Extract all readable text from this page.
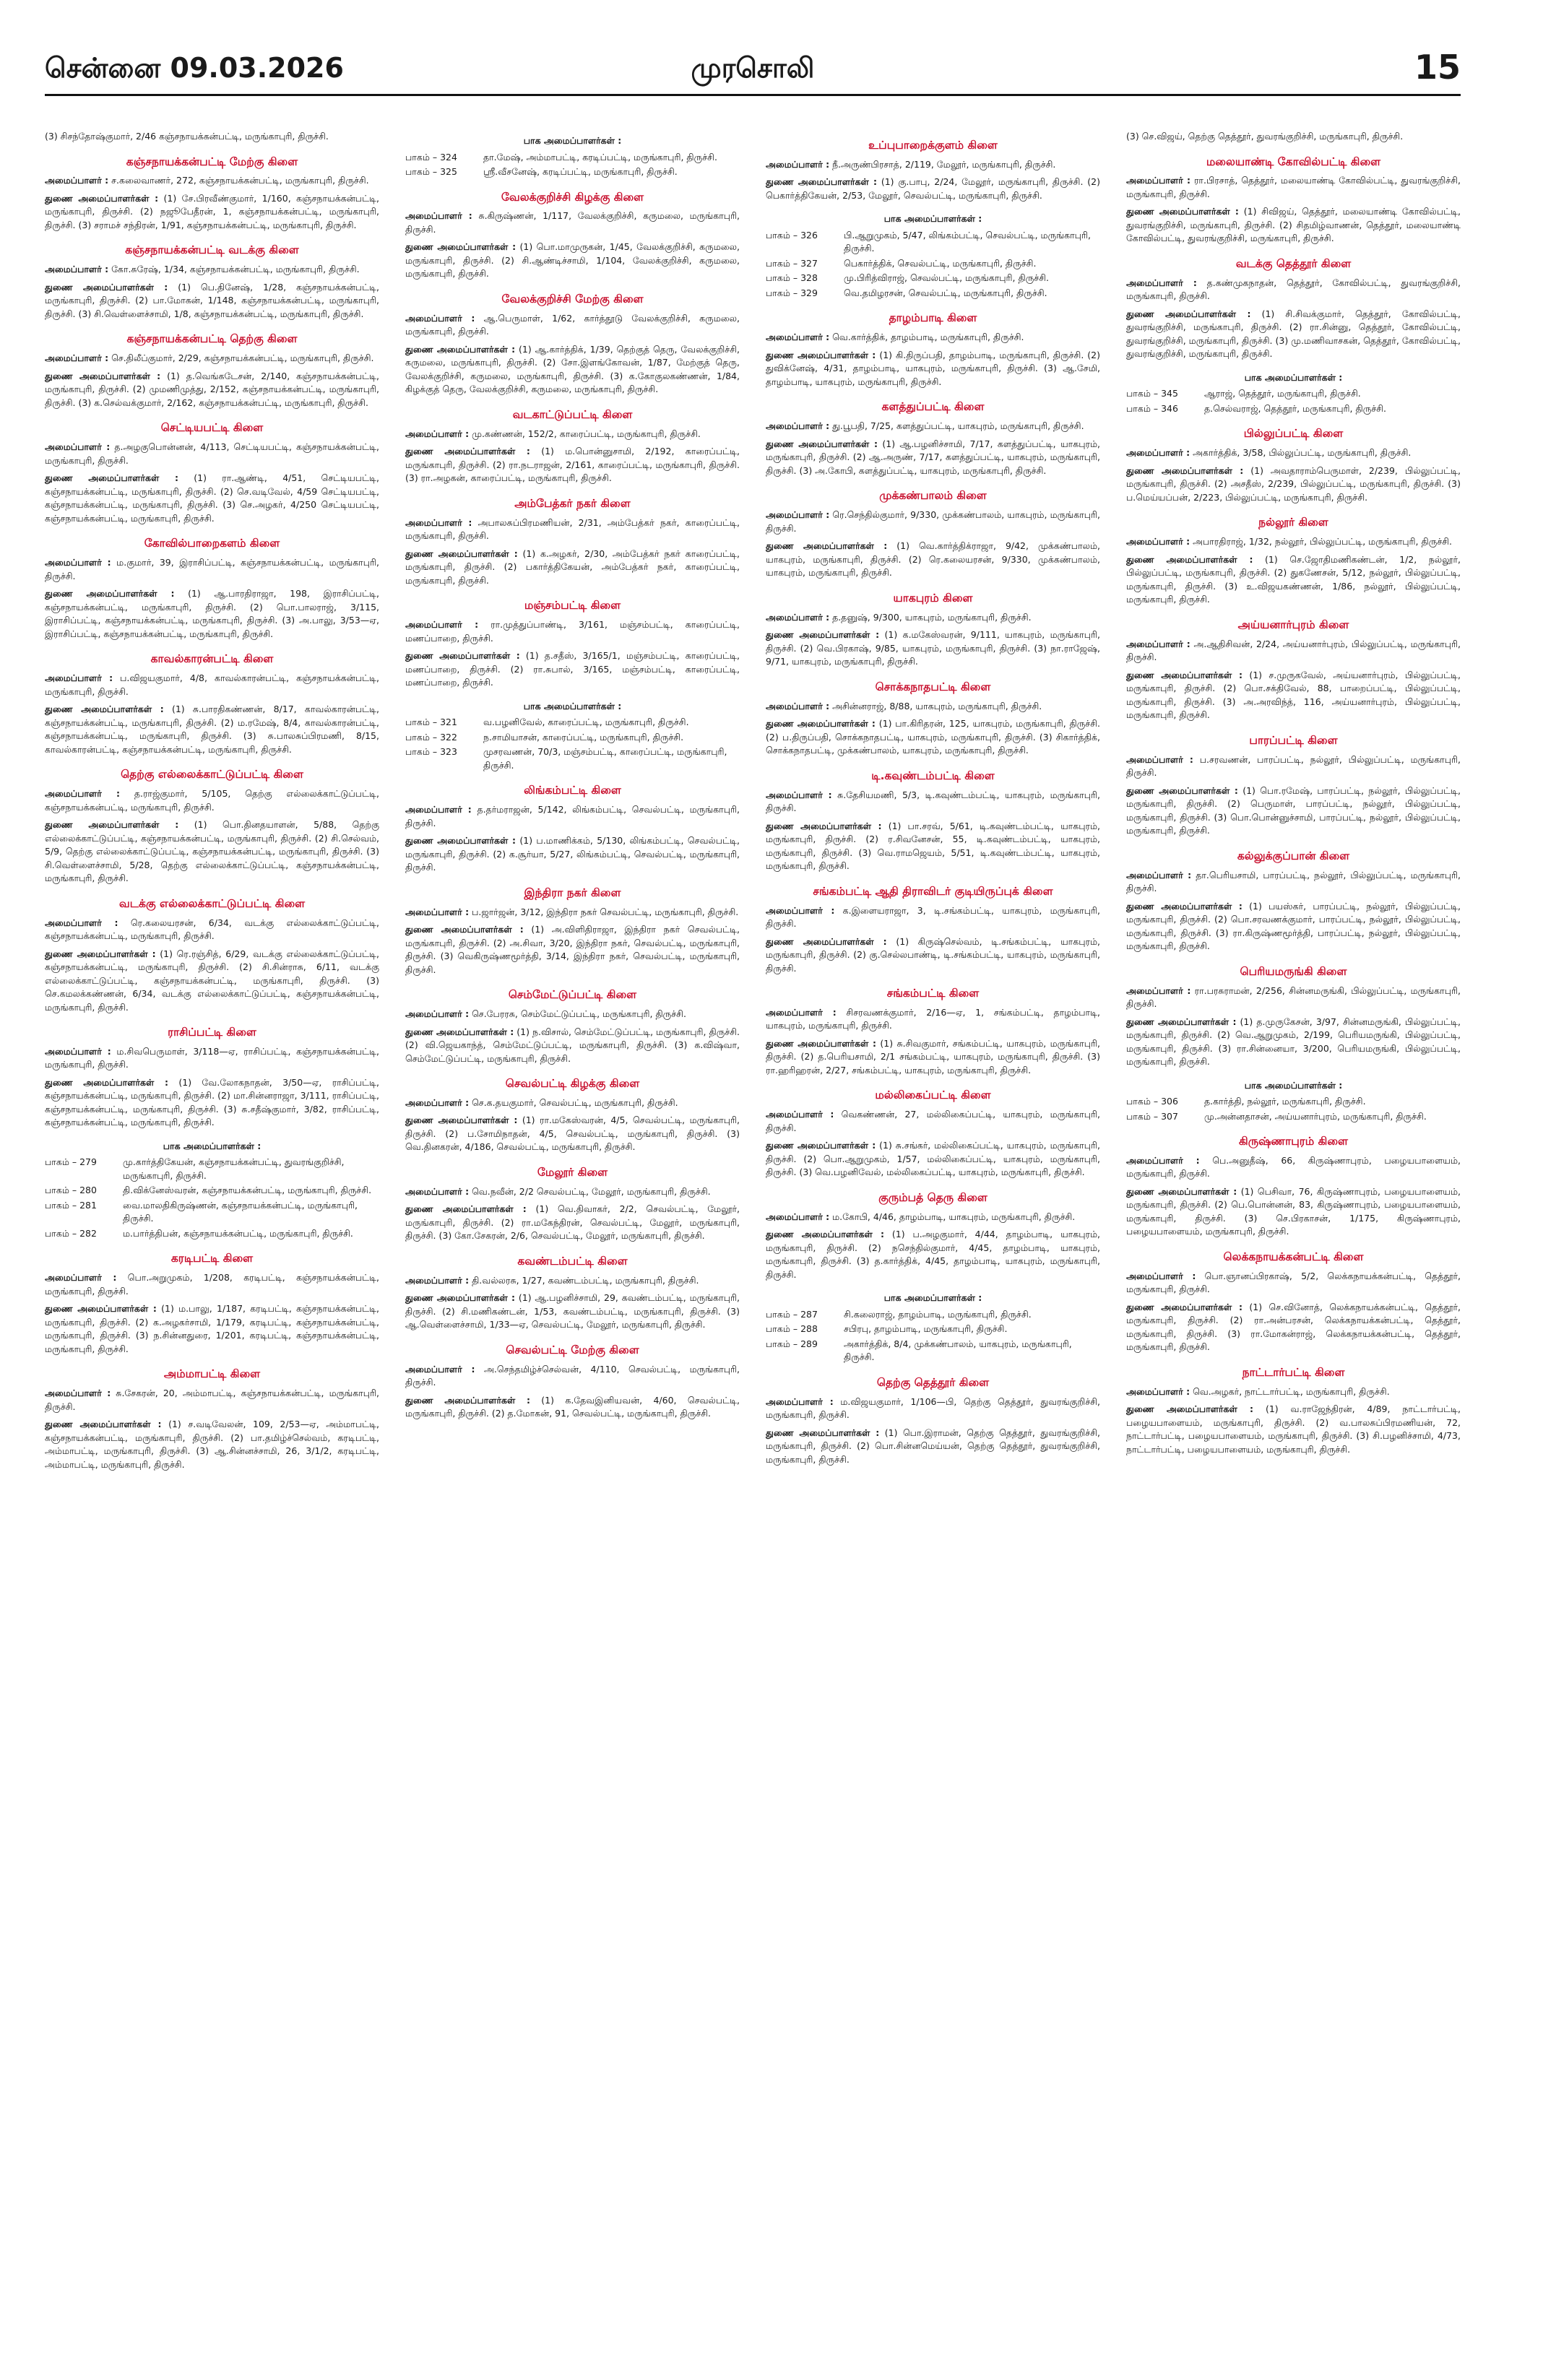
சென்னை 09.03.2026	முரசொலி	15
(3) சிசந்தோஷ்குமார், 2/46 கஞ்சநாயக்கன்பட்டி, மருங்காபுரி, திருச்சி.
கஞ்சநாயக்கன்பட்டி மேற்கு கிளை
அமைப்பாளர் : ச.கலைவாணர், 272, கஞ்சநாயக்கன்பட்டி, மருங்காபுரி, திருச்சி.
துணை அமைப்பாளர்கள் : (1) சே.பிரவீண்குமார், 1/160, கஞ்சநாயக்கன்பட்டி, மருங்காபுரி, திருச்சி. (2) நஜூபேதீரன், 1, கஞ்சநாயக்கன்பட்டி, மருங்காபுரி, திருச்சி. (3) சராமச் சந்திரன், 1/91, கஞ்சநாயக்கன்பட்டி, மருங்காபுரி, திருச்சி.
கஞ்சநாயக்கன்பட்டி வடக்கு கிளை
அமைப்பாளர் : கோ.சுரேஷ், 1/34, கஞ்சநாயக்கன்பட்டி, மருங்காபுரி, திருச்சி.
துணை அமைப்பாளர்கள் : (1) பெ.தினேஷ், 1/28, கஞ்சநாயக்கன்பட்டி, மருங்காபுரி, திருச்சி. (2) பா.மோகன், 1/148, கஞ்சநாயக்கன்பட்டி, மருங்காபுரி, திருச்சி. (3) சி.வெள்ளைச்சாமி, 1/8, கஞ்சநாயக்கன்பட்டி, மருங்காபுரி, திருச்சி.
கஞ்சநாயக்கன்பட்டி தெற்கு கிளை
அமைப்பாளர் : செ.திலீப்குமார், 2/29, கஞ்சநாயக்கன்பட்டி, மருங்காபுரி, திருச்சி.
துணை அமைப்பாளர்கள் : (1) த.வெங்கடேசன், 2/140, கஞ்சநாயக்கன்பட்டி, மருங்காபுரி, திருச்சி. (2) முமணிமுத்து, 2/152, கஞ்சநாயக்கன்பட்டி, மருங்காபுரி, திருச்சி. (3) க.செல்வக்குமார், 2/162, கஞ்சநாயக்கன்பட்டி, மருங்காபுரி, திருச்சி.
செட்டியபட்டி கிளை
அமைப்பாளர் : த.அழகுபொன்னன், 4/113, செட்டியபட்டி, கஞ்சநாயக்கன்பட்டி, மருங்காபுரி, திருச்சி.
துணை அமைப்பாளர்கள் : (1) ரா.ஆண்டி, 4/51, செட்டியபட்டி, கஞ்சநாயக்கன்பட்டி, மருங்காபுரி, திருச்சி. (2) செ.வடிவேல், 4/59 செட்டியபட்டி, கஞ்சநாயக்கன்பட்டி, மருங்காபுரி, திருச்சி. (3) செ.அழகர், 4/250 செட்டியபட்டி, கஞ்சநாயக்கன்பட்டி, மருங்காபுரி, திருச்சி.
கோவில்பாறைகளம் கிளை
அமைப்பாளர் : ம.குமார், 39, இராசிப்பட்டி, கஞ்சநாயக்கன்பட்டி, மருங்காபுரி, திருச்சி.
துணை அமைப்பாளர்கள் : (1) ஆ.பாரதிராஜா, 198, இராசிப்பட்டி, கஞ்சநாயக்கன்பட்டி, மருங்காபுரி, திருச்சி. (2) பொ.பாலராஜ், 3/115, இராசிப்பட்டி, கஞ்சநாயக்கன்பட்டி, மருங்காபுரி, திருச்சி. (3) அ.பாலு, 3/53—ஏ, இராசிப்பட்டி, கஞ்சநாயக்கன்பட்டி, மருங்காபுரி, திருச்சி.
காவல்காரன்பட்டி கிளை
அமைப்பாளர் : ப.விஜயகுமார், 4/8, காவல்காரன்பட்டி, கஞ்சநாயக்கன்பட்டி, மருங்காபுரி, திருச்சி.
துணை அமைப்பாளர்கள் : (1) சு.பாரதிகண்ணன், 8/17, காவல்காரன்பட்டி, கஞ்சநாயக்கன்பட்டி, மருங்காபுரி, திருச்சி. (2) ம.ரமேஷ், 8/4, காவல்காரன்பட்டி, கஞ்சநாயக்கன்பட்டி, மருங்காபுரி, திருச்சி. (3) சு.பாலசுப்பிரமணி, 8/15, காவல்காரன்பட்டி, கஞ்சநாயக்கன்பட்டி, மருங்காபுரி, திருச்சி.
தெற்கு எல்லைக்காட்டுப்பட்டி கிளை
அமைப்பாளர் : த.ராஜ்குமார், 5/105, தெற்கு எல்லைக்காட்டுப்பட்டி, கஞ்சநாயக்கன்பட்டி, மருங்காபுரி, திருச்சி.
துணை அமைப்பாளர்கள் : (1) பொ.தினதயாளன், 5/88, தெற்கு எல்லைக்காட்டுப்பட்டி, கஞ்சநாயக்கன்பட்டி, மருங்காபுரி, திருச்சி. (2) சி.செல்வம், 5/9, தெற்கு எல்லைக்காட்டுப்பட்டி, கஞ்சநாயக்கன்பட்டி, மருங்காபுரி, திருச்சி. (3) சி.வெள்ளைச்சாமி, 5/28, தெற்கு எல்லைக்காட்டுப்பட்டி, கஞ்சநாயக்கன்பட்டி, மருங்காபுரி, திருச்சி.
வடக்கு எல்லைக்காட்டுப்பட்டி கிளை
அமைப்பாளர் : ரெ.கலையரசன், 6/34, வடக்கு எல்லைக்காட்டுப்பட்டி, கஞ்சநாயக்கன்பட்டி, மருங்காபுரி, திருச்சி.
துணை அமைப்பாளர்கள் : (1) ரெ.ரஞ்சித், 6/29, வடக்கு எல்லைக்காட்டுப்பட்டி, கஞ்சநாயக்கன்பட்டி, மருங்காபுரி, திருச்சி. (2) சி.சின்ராசு, 6/11, வடக்கு எல்லைக்காட்டுப்பட்டி, கஞ்சநாயக்கன்பட்டி, மருங்காபுரி, திருச்சி. (3) செ.கமலக்கண்ணன், 6/34, வடக்கு எல்லைக்காட்டுப்பட்டி, கஞ்சநாயக்கன்பட்டி, மருங்காபுரி, திருச்சி.
ராசிப்பட்டி கிளை
அமைப்பாளர் : ம.சிவபெருமாள், 3/118—ஏ, ராசிப்பட்டி, கஞ்சநாயக்கன்பட்டி, மருங்காபுரி, திருச்சி.
துணை அமைப்பாளர்கள் : (1) வே.லோகநாதன், 3/50—ஏ, ராசிப்பட்டி, கஞ்சநாயக்கன்பட்டி, மருங்காபுரி, திருச்சி. (2) மா.சின்னராஜா, 3/111, ராசிப்பட்டி, கஞ்சநாயக்கன்பட்டி, மருங்காபுரி, திருச்சி. (3) சு.சதீஷ்குமார், 3/82, ராசிப்பட்டி, கஞ்சநாயக்கன்பட்டி, மருங்காபுரி, திருச்சி.
பாக அமைப்பாளர்கள் :
பாகம் – 279	மு.கார்த்திகேயன், கஞ்சநாயக்கன்பட்டி, துவரங்குறிச்சி, மருங்காபுரி, திருச்சி.
பாகம் – 280	தி.விக்னேஸ்வரன், கஞ்சநாயக்கன்பட்டி, மருங்காபுரி, திருச்சி.
பாகம் – 281	வை.மாலதிகிருஷ்ணன், கஞ்சநாயக்கன்பட்டி, மருங்காபுரி, திருச்சி.
பாகம் – 282	ம.பார்த்திபன், கஞ்சநாயக்கன்பட்டி, மருங்காபுரி, திருச்சி.
கரடிபட்டி கிளை
அமைப்பாளர் : பொ.அறுமுகம், 1/208, கரடிபட்டி, கஞ்சநாயக்கன்பட்டி, மருங்காபுரி, திருச்சி.
துணை அமைப்பாளர்கள் : (1) ம.பாலு, 1/187, கரடிபட்டி, கஞ்சநாயக்கன்பட்டி, மருங்காபுரி, திருச்சி. (2) க.அழகர்சாமி, 1/179, கரடிபட்டி, கஞ்சநாயக்கன்பட்டி, மருங்காபுரி, திருச்சி. (3) ந.சின்னதுரை, 1/201, கரடிபட்டி, கஞ்சநாயக்கன்பட்டி, மருங்காபுரி, திருச்சி.
அம்மாபட்டி கிளை
அமைப்பாளர் : சு.சேகரன், 20, அம்மாபட்டி, கஞ்சநாயக்கன்பட்டி, மருங்காபுரி, திருச்சி.
துணை அமைப்பாளர்கள் : (1) ச.வடிவேலன், 109, 2/53—ஏ, அம்மாபட்டி, கஞ்சநாயக்கன்பட்டி, மருங்காபுரி, திருச்சி. (2) பா.தமிழ்ச்செல்வம், கரடிபட்டி, அம்மாபட்டி, மருங்காபுரி, திருச்சி. (3) ஆ.சின்னச்சாமி, 26, 3/1/2, கரடிபட்டி, அம்மாபட்டி, மருங்காபுரி, திருச்சி.
பாக அமைப்பாளர்கள் :
பாகம் – 324	தா.மேஷ், அம்மாபட்டி, கரடிப்பட்டி, மருங்காபுரி, திருச்சி.
பாகம் – 325	ஸ்ரீ.வீசனேஷ், கரடிப்பட்டி, மருங்காபுரி, திருச்சி.
வேலக்குறிச்சி கிழக்கு கிளை
அமைப்பாளர் : சு.கிருஷ்ணன், 1/117, வேலக்குறிச்சி, கருமலை, மருங்காபுரி, திருச்சி.
துணை அமைப்பாளர்கள் : (1) பொ.மாமுருகன், 1/45, வேலக்குறிச்சி, கருமலை, மருங்காபுரி, திருச்சி. (2) சி.ஆண்டிச்சாமி, 1/104, வேலக்குறிச்சி, கருமலை, மருங்காபுரி, திருச்சி.
வேலக்குறிச்சி மேற்கு கிளை
அமைப்பாளர் : ஆ.பெருமாள், 1/62, கார்த்தூடு வேலக்குறிச்சி, கருமலை, மருங்காபுரி, திருச்சி.
துணை அமைப்பாளர்கள் : (1) ஆ.கார்த்திக், 1/39, தெற்குத் தெரு, வேலக்குறிச்சி, கருமலை, மருங்காபுரி, திருச்சி. (2) சோ.இளங்கோவன், 1/87, மேற்குத் தெரு, வேலக்குறிச்சி, கருமலை, மருங்காபுரி, திருச்சி. (3) க.கோகுலகண்ணன், 1/84, கிழக்குத் தெரு, வேலக்குறிச்சி, கருமலை, மருங்காபுரி, திருச்சி.
வடகாட்டுப்பட்டி கிளை
அமைப்பாளர் : மு.கண்ணன், 152/2, காரைப்பட்டி, மருங்காபுரி, திருச்சி.
துணை அமைப்பாளர்கள் : (1) ம.பொன்னுசாமி, 2/192, காரைப்பட்டி, மருங்காபுரி, திருச்சி. (2) ரா.நடராஜன், 2/161, காரைப்பட்டி, மருங்காபுரி, திருச்சி. (3) ரா.அழகன், காரைப்பட்டி, மருங்காபுரி, திருச்சி.
அம்பேத்கர் நகர் கிளை
அமைப்பாளர் : அபாலசுப்பிரமணியன், 2/31, அம்பேத்கர் நகர், காரைப்பட்டி, மருங்காபுரி, திருச்சி.
துணை அமைப்பாளர்கள் : (1) க.அழகர், 2/30, அம்பேத்கர் நகர் காரைப்பட்டி, மருங்காபுரி, திருச்சி. (2) பகார்த்திகேயன், அம்பேத்கர் நகர், காரைப்பட்டி, மருங்காபுரி, திருச்சி.
மஞ்சம்பட்டி கிளை
அமைப்பாளர் : ரா.முத்துப்பாண்டி, 3/161, மஞ்சம்பட்டி, காரைப்பட்டி, மணப்பாறை, திருச்சி.
துணை அமைப்பாளர்கள் : (1) த.சதீஸ், 3/165/1, மஞ்சம்பட்டி, காரைப்பட்டி, மணப்பாறை, திருச்சி. (2) ரா.சுபால், 3/165, மஞ்சம்பட்டி, காரைப்பட்டி, மணப்பாறை, திருச்சி.
பாக அமைப்பாளர்கள் :
பாகம் – 321	வ.பழனிவேல், காரைப்பட்டி, மருங்காபுரி, திருச்சி.
பாகம் – 322	ந.சாமியாசன், காரைப்பட்டி, மருங்காபுரி, திருச்சி.
பாகம் – 323	முசரவணன், 70/3, மஞ்சம்பட்டி, காரைப்பட்டி, மருங்காபுரி, திருச்சி.
லிங்கம்பட்டி கிளை
அமைப்பாளர் : த.தர்மராஜன், 5/142, லிங்கம்பட்டி, செவல்பட்டி, மருங்காபுரி, திருச்சி.
துணை அமைப்பாளர்கள் : (1) ப.மாணிக்கம், 5/130, லிங்கம்பட்டி, செவல்பட்டி, மருங்காபுரி, திருச்சி. (2) க.சூர்யா, 5/27, லிங்கம்பட்டி, செவல்பட்டி, மருங்காபுரி, திருச்சி.
இந்திரா நகர் கிளை
அமைப்பாளர் : ப.ஜார்ஜன், 3/12, இந்திரா நகர் செவல்பட்டி, மருங்காபுரி, திருச்சி.
துணை அமைப்பாளர்கள் : (1) அ.விளிதிராஜா, இந்திரா நகர் செவல்பட்டி, மருங்காபுரி, திருச்சி. (2) அ.சிவா, 3/20, இந்திரா நகர், செவல்பட்டி, மருங்காபுரி, திருச்சி. (3) வெகிருஷ்ணமூர்த்தி, 3/14, இந்திரா நகர், செவல்பட்டி, மருங்காபுரி, திருச்சி.
செம்மேட்டுப்பட்டி கிளை
அமைப்பாளர் : செ.பேரரசு, செம்மேட்டுப்பட்டி, மருங்காபுரி, திருச்சி.
துணை அமைப்பாளர்கள் : (1) ந.விசால், செம்மேட்டுப்பட்டி, மருங்காபுரி, திருச்சி. (2) வி.ஜெயகாந்த், செம்மேட்டுப்பட்டி, மருங்காபுரி, திருச்சி. (3) க.விஷ்வா, செம்மேட்டுப்பட்டி, மருங்காபுரி, திருச்சி.
செவல்பட்டி கிழக்கு கிளை
அமைப்பாளர் : செ.க.தயகுமார், செவல்பட்டி, மருங்காபுரி, திருச்சி.
துணை அமைப்பாளர்கள் : (1) ரா.மகேஸ்வரன், 4/5, செவல்பட்டி, மருங்காபுரி, திருச்சி. (2) ப.சோமிநாதன், 4/5, செவல்பட்டி, மருங்காபுரி, திருச்சி. (3) வெ.தினகரன், 4/186, செவல்பட்டி, மருங்காபுரி, திருச்சி.
மேலூர் கிளை
அமைப்பாளர் : வெ.நவீன், 2/2 செவல்பட்டி, மேலூர், மருங்காபுரி, திருச்சி.
துணை அமைப்பாளர்கள் : (1) வெ.திவாகர், 2/2, செவல்பட்டி, மேலூர், மருங்காபுரி, திருச்சி. (2) ரா.மகேந்திரன், செவல்பட்டி, மேலூர், மருங்காபுரி, திருச்சி. (3) கோ.சேகரன், 2/6, செவல்பட்டி, மேலூர், மருங்காபுரி, திருச்சி.
கவண்டம்பட்டி கிளை
அமைப்பாளர் : தி.வல்லரசு, 1/27, கவண்டம்பட்டி, மருங்காபுரி, திருச்சி.
துணை அமைப்பாளர்கள் : (1) ஆ.பழனிச்சாமி, 29, கவண்டம்பட்டி, மருங்காபுரி, திருச்சி. (2) சி.மணிகண்டன், 1/53, கவண்டம்பட்டி, மருங்காபுரி, திருச்சி. (3) ஆ.வெள்ளைச்சாமி, 1/33—ஏ, செவல்பட்டி, மேலூர், மருங்காபுரி, திருச்சி.
செவல்பட்டி மேற்கு கிளை
அமைப்பாளர் : அ.செந்தமிழ்ச்செல்வன், 4/110, செவல்பட்டி, மருங்காபுரி, திருச்சி.
துணை அமைப்பாளர்கள் : (1) க.தேவஇனியவன், 4/60, செவல்பட்டி, மருங்காபுரி, திருச்சி. (2) த.மோகன், 91, செவல்பட்டி, மருங்காபுரி, திருச்சி.
உப்புபாறைக்குளம் கிளை
அமைப்பாளர் : நீ.அருண்பிரசாத், 2/119, மேலூர், மருங்காபுரி, திருச்சி.
துணை அமைப்பாளர்கள் : (1) கு.பாபு, 2/24, மேலூர், மருங்காபுரி, திருச்சி. (2) பெகார்த்திகேயன், 2/53, மேலூர், செவல்பட்டி, மருங்காபுரி, திருச்சி.
பாக அமைப்பாளர்கள் :
பாகம் – 326	பி.ஆறுமுகம், 5/47, லிங்கம்பட்டி, செவல்பட்டி, மருங்காபுரி, திருச்சி.
பாகம் – 327	பெகார்த்திக், செவல்பட்டி, மருங்காபுரி, திருச்சி.
பாகம் – 328	மு.பிரித்விராஜ், செவல்பட்டி, மருங்காபுரி, திருச்சி.
பாகம் – 329	வெ.தமிழரசன், செவல்பட்டி, மருங்காபுரி, திருச்சி.
தாழம்பாடி கிளை
அமைப்பாளர் : வெ.கார்த்திக், தாழம்பாடி, மருங்காபுரி, திருச்சி.
துணை அமைப்பாளர்கள் : (1) கி.திருப்பதி, தாழம்பாடி, மருங்காபுரி, திருச்சி. (2) துவிக்னேஷ், 4/31, தாழம்பாடி, யாகபுரம், மருங்காபுரி, திருச்சி. (3) ஆ.சேமி, தாழம்பாடி, யாகபுரம், மருங்காபுரி, திருச்சி.
களத்துப்பட்டி கிளை
அமைப்பாளர் : து.பூபதி, 7/25, களத்துப்பட்டி, யாகபுரம், மருங்காபுரி, திருச்சி.
துணை அமைப்பாளர்கள் : (1) ஆ.பழனிச்சாமி, 7/17, களத்துப்பட்டி, யாகபுரம், மருங்காபுரி, திருச்சி. (2) ஆ.அருண், 7/17, களத்துப்பட்டி, யாகபுரம், மருங்காபுரி, திருச்சி. (3) அ.கோபி, களத்துப்பட்டி, யாகபுரம், மருங்காபுரி, திருச்சி.
முக்கண்பாலம் கிளை
அமைப்பாளர் : ரெ.செந்தில்குமார், 9/330, முக்கண்பாலம், யாகபுரம், மருங்காபுரி, திருச்சி.
துணை அமைப்பாளர்கள் : (1) வெ.கார்த்திக்ராஜா, 9/42, முக்கண்பாலம், யாகபுரம், மருங்காபுரி, திருச்சி. (2) ரெ.கலையரசன், 9/330, முக்கண்பாலம், யாகபுரம், மருங்காபுரி, திருச்சி.
யாகபுரம் கிளை
அமைப்பாளர் : த.தனுஷ், 9/300, யாகபுரம், மருங்காபுரி, திருச்சி.
துணை அமைப்பாளர்கள் : (1) க.மகேஸ்வரன், 9/111, யாகபுரம், மருங்காபுரி, திருச்சி. (2) வெ.பிரகாஷ், 9/85, யாகபுரம், மருங்காபுரி, திருச்சி. (3) நா.ராஜேஷ், 9/71, யாகபுரம், மருங்காபுரி, திருச்சி.
சொக்கநாதபட்டி கிளை
அமைப்பாளர் : அசின்னராஜ், 8/88, யாகபுரம், மருங்காபுரி, திருச்சி.
துணை அமைப்பாளர்கள் : (1) பா.கிரிதரன், 125, யாகபுரம், மருங்காபுரி, திருச்சி. (2) ப.திருப்பதி, சொக்கநாதபட்டி, யாகபுரம், மருங்காபுரி, திருச்சி. (3) சிகார்த்திக், சொக்கநாதபட்டி, முக்கண்பாலம், யாகபுரம், மருங்காபுரி, திருச்சி.
டி.கவுண்டம்பட்டி கிளை
அமைப்பாளர் : சு.தேசியமணி, 5/3, டி.கவுண்டம்பட்டி, யாகபுரம், மருங்காபுரி, திருச்சி.
துணை அமைப்பாளர்கள் : (1) பா.சரவ், 5/61, டி.கவுண்டம்பட்டி, யாகபுரம், மருங்காபுரி, திருச்சி. (2) ர.சிவனேசன், 55, டி.கவுண்டம்பட்டி, யாகபுரம், மருங்காபுரி, திருச்சி. (3) வெ.ராமஜெயம், 5/51, டி.கவுண்டம்பட்டி, யாகபுரம், மருங்காபுரி, திருச்சி.
சங்கம்பட்டி ஆதி திராவிடர் குடியிருப்புக் கிளை
அமைப்பாளர் : க.இளையராஜா, 3, டி.சங்கம்பட்டி, யாகபுரம், மருங்காபுரி, திருச்சி.
துணை அமைப்பாளர்கள் : (1) கிருஷ்செல்வம், டி.சங்கம்பட்டி, யாகபுரம், மருங்காபுரி, திருச்சி. (2) கு.செல்லபாண்டி, டி.சங்கம்பட்டி, யாகபுரம், மருங்காபுரி, திருச்சி.
சங்கம்பட்டி கிளை
அமைப்பாளர் : சிசரவணக்குமார், 2/16—ஏ, 1, சங்கம்பட்டி, தாழம்பாடி, யாகபுரம், மருங்காபுரி, திருச்சி.
துணை அமைப்பாளர்கள் : (1) சு.சிவகுமார், சங்கம்பட்டி, யாகபுரம், மருங்காபுரி, திருச்சி. (2) த.பெரியசாமி, 2/1 சங்கம்பட்டி, யாகபுரம், மருங்காபுரி, திருச்சி. (3) ரா.ஹரிஹரன், 2/27, சங்கம்பட்டி, யாகபுரம், மருங்காபுரி, திருச்சி.
மல்லிகைப்பட்டி கிளை
அமைப்பாளர் : வெகண்ணன், 27, மல்லிகைப்பட்டி, யாகபுரம், மருங்காபுரி, திருச்சி.
துணை அமைப்பாளர்கள் : (1) சு.சங்கர், மல்லிகைப்பட்டி, யாகபுரம், மருங்காபுரி, திருச்சி. (2) பொ.ஆறுமுகம், 1/57, மல்லிகைப்பட்டி, யாகபுரம், மருங்காபுரி, திருச்சி. (3) வெ.பழனிவேல், மல்லிகைப்பட்டி, யாகபுரம், மருங்காபுரி, திருச்சி.
குரும்பத் தெரு கிளை
அமைப்பாளர் : ம.கோபி, 4/46, தாழம்பாடி, யாகபுரம், மருங்காபுரி, திருச்சி.
துணை அமைப்பாளர்கள் : (1) ப.அழகுமார், 4/44, தாழம்பாடி, யாகபுரம், மருங்காபுரி, திருச்சி. (2) நசெந்தில்குமார், 4/45, தாழம்பாடி, யாகபுரம், மருங்காபுரி, திருச்சி. (3) த.கார்த்திக், 4/45, தாழம்பாடி, யாகபுரம், மருங்காபுரி, திருச்சி.
பாக அமைப்பாளர்கள் :
பாகம் – 287	சி.கலைராஜ், தாழம்பாடி, மருங்காபுரி, திருச்சி.
பாகம் – 288	சபிரபு, தாழம்பாடி, மருங்காபுரி, திருச்சி.
பாகம் – 289	அகார்த்திக், 8/4, முக்கண்பாலம், யாகபுரம், மருங்காபுரி, திருச்சி.
தெற்கு தெத்தூர் கிளை
அமைப்பாளர் : ம.விஜயகுமார், 1/106—பி, தெற்கு தெத்தூர், துவரங்குறிச்சி, மருங்காபுரி, திருச்சி.
துணை அமைப்பாளர்கள் : (1) பொ.இராமன், தெற்கு தெத்தூர், துவரங்குறிச்சி, மருங்காபுரி, திருச்சி. (2) பொ.சின்னமெய்யன், தெற்கு தெத்தூர், துவரங்குறிச்சி, மருங்காபுரி, திருச்சி.
(3) செ.விஜய், தெற்கு தெத்தூர், துவரங்குறிச்சி, மருங்காபுரி, திருச்சி.
மலையாண்டி கோவில்பட்டி கிளை
அமைப்பாளர் : ரா.பிரசாத், தெத்தூர், மலையாண்டி கோவில்பட்டி, துவரங்குறிச்சி, மருங்காபுரி, திருச்சி.
துணை அமைப்பாளர்கள் : (1) சிவிஜய், தெத்தூர், மலையாண்டி கோவில்பட்டி, துவரங்குறிச்சி, மருங்காபுரி, திருச்சி. (2) சிதமிழ்வாணன், தெத்தூர், மலையாண்டி கோவில்பட்டி, துவரங்குறிச்சி, மருங்காபுரி, திருச்சி.
வடக்கு தெத்தூர் கிளை
அமைப்பாளர் : த.கண்முகநாதன், தெத்தூர், கோவில்பட்டி, துவரங்குறிச்சி, மருங்காபுரி, திருச்சி.
துணை அமைப்பாளர்கள் : (1) சி.சிவக்குமார், தெத்தூர், கோவில்பட்டி, துவரங்குறிச்சி, மருங்காபுரி, திருச்சி. (2) ரா.சின்னு, தெத்தூர், கோவில்பட்டி, துவரங்குறிச்சி, மருங்காபுரி, திருச்சி. (3) மு.மணிவாசகன், தெத்தூர், கோவில்பட்டி, துவரங்குறிச்சி, மருங்காபுரி, திருச்சி.
பாக அமைப்பாளர்கள் :
பாகம் – 345	ஆராஜ், தெத்தூர், மருங்காபுரி, திருச்சி.
பாகம் – 346	த.செல்வராஜ், தெத்தூர், மருங்காபுரி, திருச்சி.
பில்லுப்பட்டி கிளை
அமைப்பாளர் : அகார்த்திக், 3/58, பில்லுப்பட்டி, மருங்காபுரி, திருச்சி.
துணை அமைப்பாளர்கள் : (1) அவதாராம்பெருமாள், 2/239, பில்லுப்பட்டி, மருங்காபுரி, திருச்சி. (2) அசதீஸ், 2/239, பில்லுப்பட்டி, மருங்காபுரி, திருச்சி. (3) ப.மெய்யப்பன், 2/223, பில்லுப்பட்டி, மருங்காபுரி, திருச்சி.
நல்லூர் கிளை
அமைப்பாளர் : அபாரதிராஜ், 1/32, நல்லூர், பில்லுப்பட்டி, மருங்காபுரி, திருச்சி.
துணை அமைப்பாளர்கள் : (1) செ.ஜோதிமணிகண்டன், 1/2, நல்லூர், பில்லுப்பட்டி, மருங்காபுரி, திருச்சி. (2) துகணேசன், 5/12, நல்லூர், பில்லுப்பட்டி, மருங்காபுரி, திருச்சி. (3) உ.விஜயகண்ணன், 1/86, நல்லூர், பில்லுப்பட்டி, மருங்காபுரி, திருச்சி.
அய்யனார்புரம் கிளை
அமைப்பாளர் : அ.ஆதிசிவன், 2/24, அய்யனார்புரம், பில்லுப்பட்டி, மருங்காபுரி, திருச்சி.
துணை அமைப்பாளர்கள் : (1) ச.முருகவேல், அய்யனார்புரம், பில்லுப்பட்டி, மருங்காபுரி, திருச்சி. (2) பொ.சக்திவேல், 88, பாறைப்பட்டி, பில்லுப்பட்டி, மருங்காபுரி, திருச்சி. (3) அ.அரவிந்த், 116, அய்யனார்புரம், பில்லுப்பட்டி, மருங்காபுரி, திருச்சி.
பாரப்பட்டி கிளை
அமைப்பாளர் : ப.சரவணன், பாரப்பட்டி, நல்லூர், பில்லுப்பட்டி, மருங்காபுரி, திருச்சி.
துணை அமைப்பாளர்கள் : (1) பொ.ரமேஷ், பாரப்பட்டி, நல்லூர், பில்லுப்பட்டி, மருங்காபுரி, திருச்சி. (2) பெருமாள், பாரப்பட்டி, நல்லூர், பில்லுப்பட்டி, மருங்காபுரி, திருச்சி. (3) பொ.பொன்னுச்சாமி, பாரப்பட்டி, நல்லூர், பில்லுப்பட்டி, மருங்காபுரி, திருச்சி.
கல்லுக்குப்பான் கிளை
அமைப்பாளர் : தா.பெரியசாமி, பாரப்பட்டி, நல்லூர், பில்லுப்பட்டி, மருங்காபுரி, திருச்சி.
துணை அமைப்பாளர்கள் : (1) பயஸ்கர், பாரப்பட்டி, நல்லூர், பில்லுப்பட்டி, மருங்காபுரி, திருச்சி. (2) பொ.சரவணக்குமார், பாரப்பட்டி, நல்லூர், பில்லுப்பட்டி, மருங்காபுரி, திருச்சி. (3) ரா.கிருஷ்ணமூர்த்தி, பாரப்பட்டி, நல்லூர், பில்லுப்பட்டி, மருங்காபுரி, திருச்சி.
பெரியமருங்கி கிளை
அமைப்பாளர் : ரா.பரசுராமன், 2/256, சின்னமருங்கி, பில்லுப்பட்டி, மருங்காபுரி, திருச்சி.
துணை அமைப்பாளர்கள் : (1) த.முருகேசன், 3/97, சின்னமருங்கி, பில்லுப்பட்டி, மருங்காபுரி, திருச்சி. (2) வெ.ஆறுமுகம், 2/199, பெரியமருங்கி, பில்லுப்பட்டி, மருங்காபுரி, திருச்சி. (3) ரா.சின்னையா, 3/200, பெரியமருங்கி, பில்லுப்பட்டி, மருங்காபுரி, திருச்சி.
பாக அமைப்பாளர்கள் :
பாகம் – 306	த.கார்த்தி, நல்லூர், மருங்காபுரி, திருச்சி.
பாகம் – 307	மு.அன்னதாசன், அய்யனார்புரம், மருங்காபுரி, திருச்சி.
கிருஷ்ணாபுரம் கிளை
அமைப்பாளர் : பெ.அனுதீஷ், 66, கிருஷ்ணாபுரம், பழையபாளையம், மருங்காபுரி, திருச்சி.
துணை அமைப்பாளர்கள் : (1) பெசிவா, 76, கிருஷ்ணாபுரம், பழையபாளையம், மருங்காபுரி, திருச்சி. (2) பெ.பொன்னன், 83, கிருஷ்ணாபுரம், பழையபாளையம், மருங்காபுரி, திருச்சி. (3) செ.பிரகாசன், 1/175, கிருஷ்ணாபுரம், பழையபாளையம், மருங்காபுரி, திருச்சி.
லெக்கநாயக்கன்பட்டி கிளை
அமைப்பாளர் : பொ.ஞானப்பிரகாஷ், 5/2, லெக்கநாயக்கன்பட்டி, தெத்தூர், மருங்காபுரி, திருச்சி.
துணை அமைப்பாளர்கள் : (1) செ.வினோத், லெக்கநாயக்கன்பட்டி, தெத்தூர், மருங்காபுரி, திருச்சி. (2) ரா.அன்பரசன், லெக்கநாயக்கன்பட்டி, தெத்தூர், மருங்காபுரி, திருச்சி. (3) ரா.மோகன்ராஜ், லெக்கநாயக்கன்பட்டி, தெத்தூர், மருங்காபுரி, திருச்சி.
நாட்டார்பட்டி கிளை
அமைப்பாளர் : வெ.அழகர், நாட்டார்பட்டி, மருங்காபுரி, திருச்சி.
துணை அமைப்பாளர்கள் : (1) வ.ராஜேந்திரன், 4/89, நாட்டார்பட்டி, பழையபாளையம், மருங்காபுரி, திருச்சி. (2) வ.பாலசுப்பிரமணியன், 72, நாட்டார்பட்டி, பழையபாளையம், மருங்காபுரி, திருச்சி. (3) சி.பழனிச்சாமி, 4/73, நாட்டார்பட்டி, பழையபாளையம், மருங்காபுரி, திருச்சி.
